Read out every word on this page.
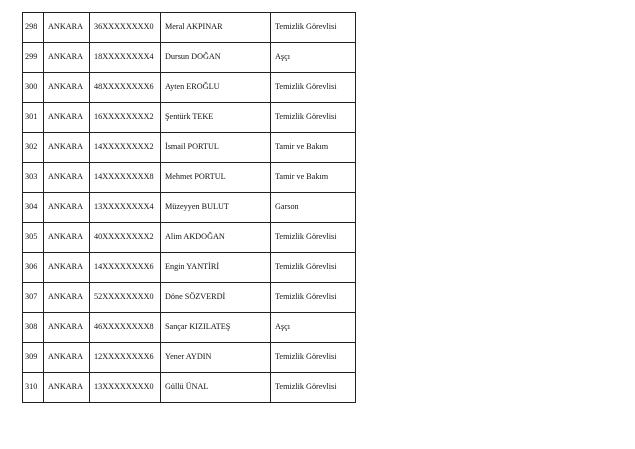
298	ANKARA	36XXXXXXXX0	Meral AKPINAR	Temizlik Görevlisi
299	ANKARA	18XXXXXXXX4	Dursun DOĞAN	Aşçı
300	ANKARA	48XXXXXXXX6	Ayten EROĞLU	Temizlik Görevlisi
301	ANKARA	16XXXXXXXX2	Şentürk TEKE	Temizlik Görevlisi
302	ANKARA	14XXXXXXXX2	İsmail PORTUL	Tamir ve Bakım
303	ANKARA	14XXXXXXXX8	Mehmet PORTUL	Tamir ve Bakım
304	ANKARA	13XXXXXXXX4	Müzeyyen BULUT	Garson
305	ANKARA	40XXXXXXXX2	Alim AKDOĞAN	Temizlik Görevlisi
306	ANKARA	14XXXXXXXX6	Engin YANTİRİ	Temizlik Görevlisi
307	ANKARA	52XXXXXXXX0	Döne SÖZVERDİ	Temizlik Görevlisi
308	ANKARA	46XXXXXXXX8	Sançar KIZILATEŞ	Aşçı
309	ANKARA	12XXXXXXXX6	Yener AYDIN	Temizlik Görevlisi
310	ANKARA	13XXXXXXXX0	Güllü ÜNAL	Temizlik Görevlisi
